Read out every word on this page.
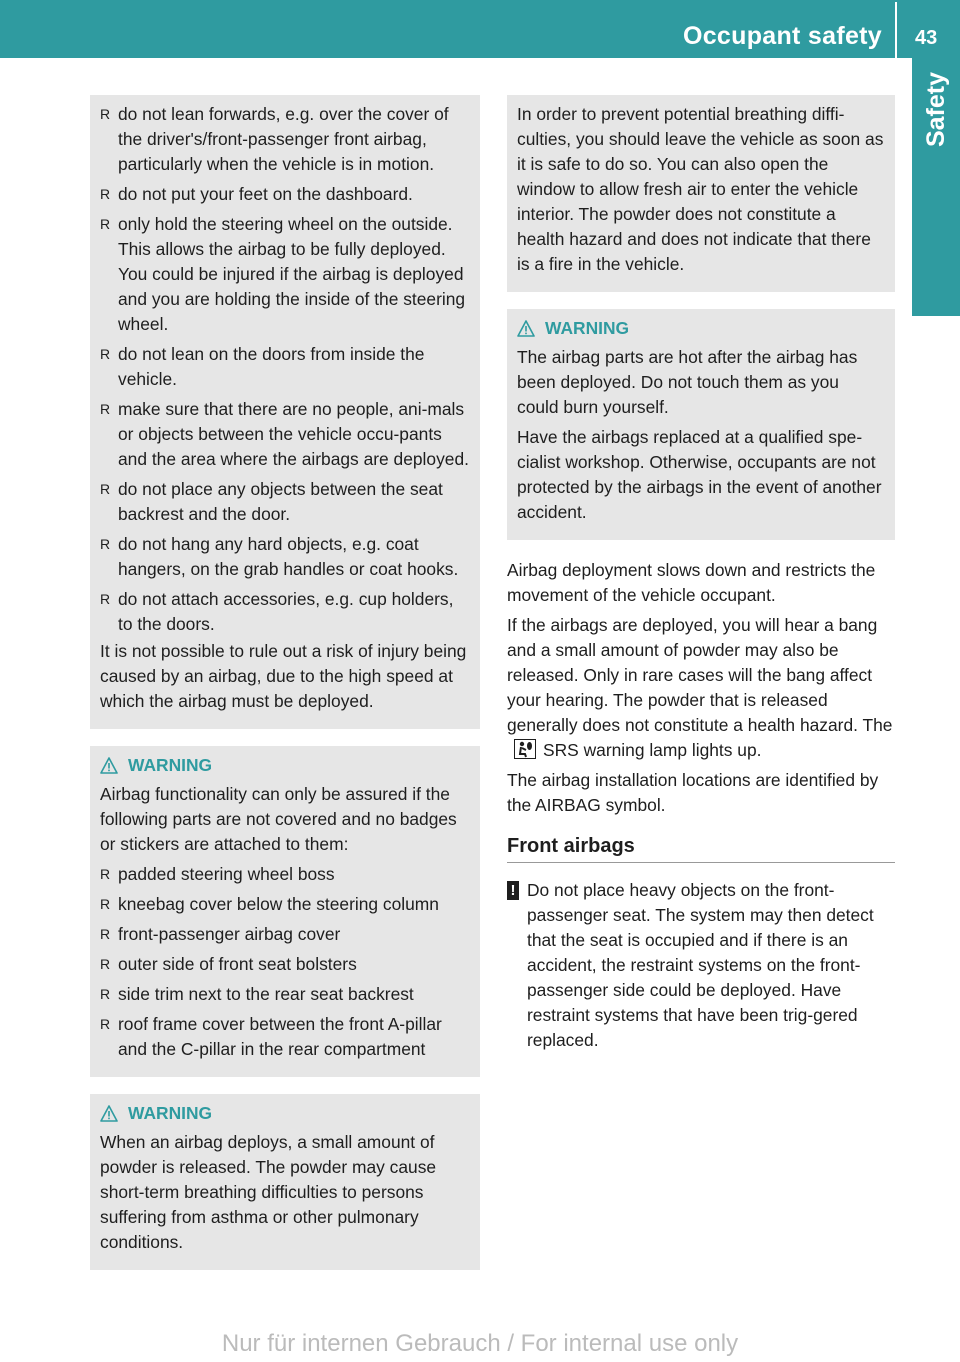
Occupant safety 43
Safety
R do not lean forwards, e.g. over the cover of the driver's/front-passenger front airbag, particularly when the vehicle is in motion.
R do not put your feet on the dashboard.
R only hold the steering wheel on the outside. This allows the airbag to be fully deployed. You could be injured if the airbag is deployed and you are holding the inside of the steering wheel.
R do not lean on the doors from inside the vehicle.
R make sure that there are no people, ani-mals or objects between the vehicle occu-pants and the area where the airbags are deployed.
R do not place any objects between the seat backrest and the door.
R do not hang any hard objects, e.g. coat hangers, on the grab handles or coat hooks.
R do not attach accessories, e.g. cup holders, to the doors.

It is not possible to rule out a risk of injury being caused by an airbag, due to the high speed at which the airbag must be deployed.

WARNING

Airbag functionality can only be assured if the following parts are not covered and no badges or stickers are attached to them:

R padded steering wheel boss
R kneebag cover below the steering column
R front-passenger airbag cover
R outer side of front seat bolsters
R side trim next to the rear seat backrest
R roof frame cover between the front A-pillar and the C-pillar in the rear compartment
WARNING

When an airbag deploys, a small amount of powder is released. The powder may cause short-term breathing difficulties to persons suffering from asthma or other pulmonary conditions.

In order to prevent potential breathing diffi-culties, you should leave the vehicle as soon as it is safe to do so. You can also open the window to allow fresh air to enter the vehicle interior. The powder does not constitute a health hazard and does not indicate that there is a fire in the vehicle.

WARNING

The airbag parts are hot after the airbag has been deployed. Do not touch them as you could burn yourself.

Have the airbags replaced at a qualified spe-cialist workshop. Otherwise, occupants are not protected by the airbags in the event of another accident.

Airbag deployment slows down and restricts the movement of the vehicle occupant.

If the airbags are deployed, you will hear a bang and a small amount of powder may also be released. Only in rare cases will the bang affect your hearing. The powder that is released generally does not constitute a health hazard. The
SRS warning lamp lights up.

The airbag installation locations are identified by the AIRBAG symbol.

Front airbags
! Do not place heavy objects on the front-passenger seat. The system may then detect that the seat is occupied and if there is an accident, the restraint systems on the front-passenger side could be deployed. Have restraint systems that have been trig-gered replaced.
Nur für internen Gebrauch / For internal use only
